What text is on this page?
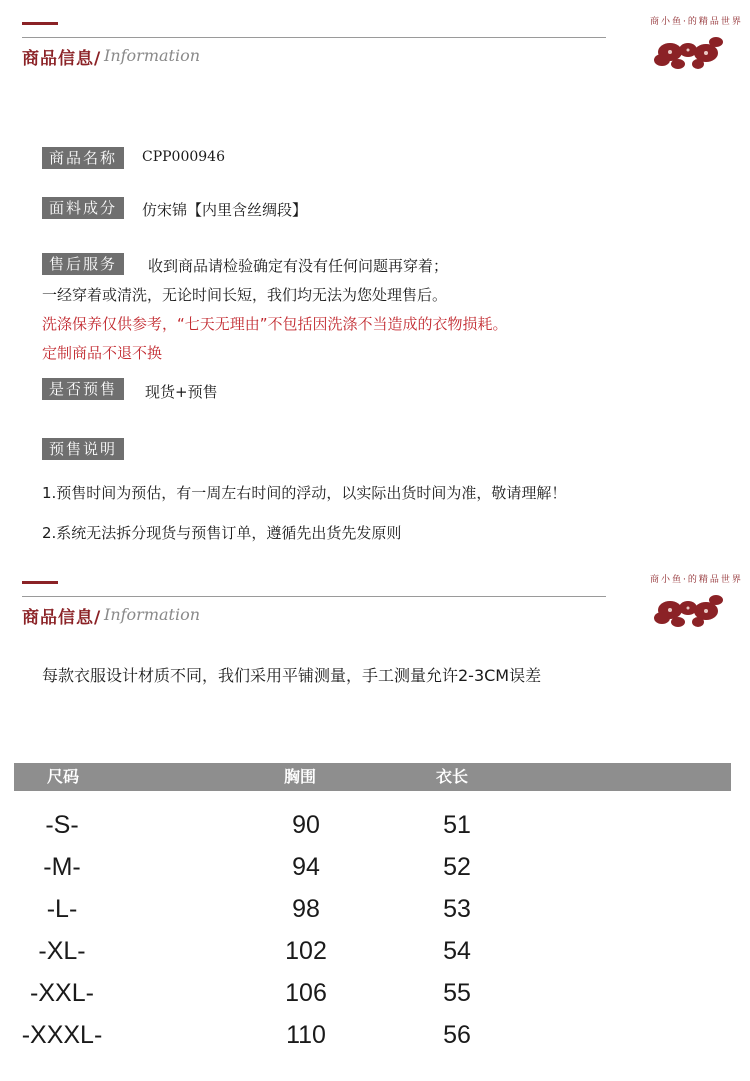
商品信息/ Information
商小鱼·的精品世界
商品名称	CPP000946
面料成分	仿宋锦【内里含丝绸段】
售后服务	收到商品请检验确定有没有任何问题再穿着；
一经穿着或清洗，无论时间长短，我们均无法为您处理售后。
洗涤保养仅供参考，“七天无理由”不包括因洗涤不当造成的衣物损耗。
定制商品不退不换
是否预售	现货+预售
预售说明
1.预售时间为预估，有一周左右时间的浮动，以实际出货时间为准，敬请理解！
2.系统无法拆分现货与预售订单，遵循先出货先发原则
商品信息/ Information
商小鱼·的精品世界
每款衣服设计材质不同，我们采用平铺测量，手工测量允许2-3CM误差
尺码	胸围	衣长
-S-	90	51
-M-	94	52
-L-	98	53
-XL-	102	54
-XXL-	106	55
-XXXL-	110	56
